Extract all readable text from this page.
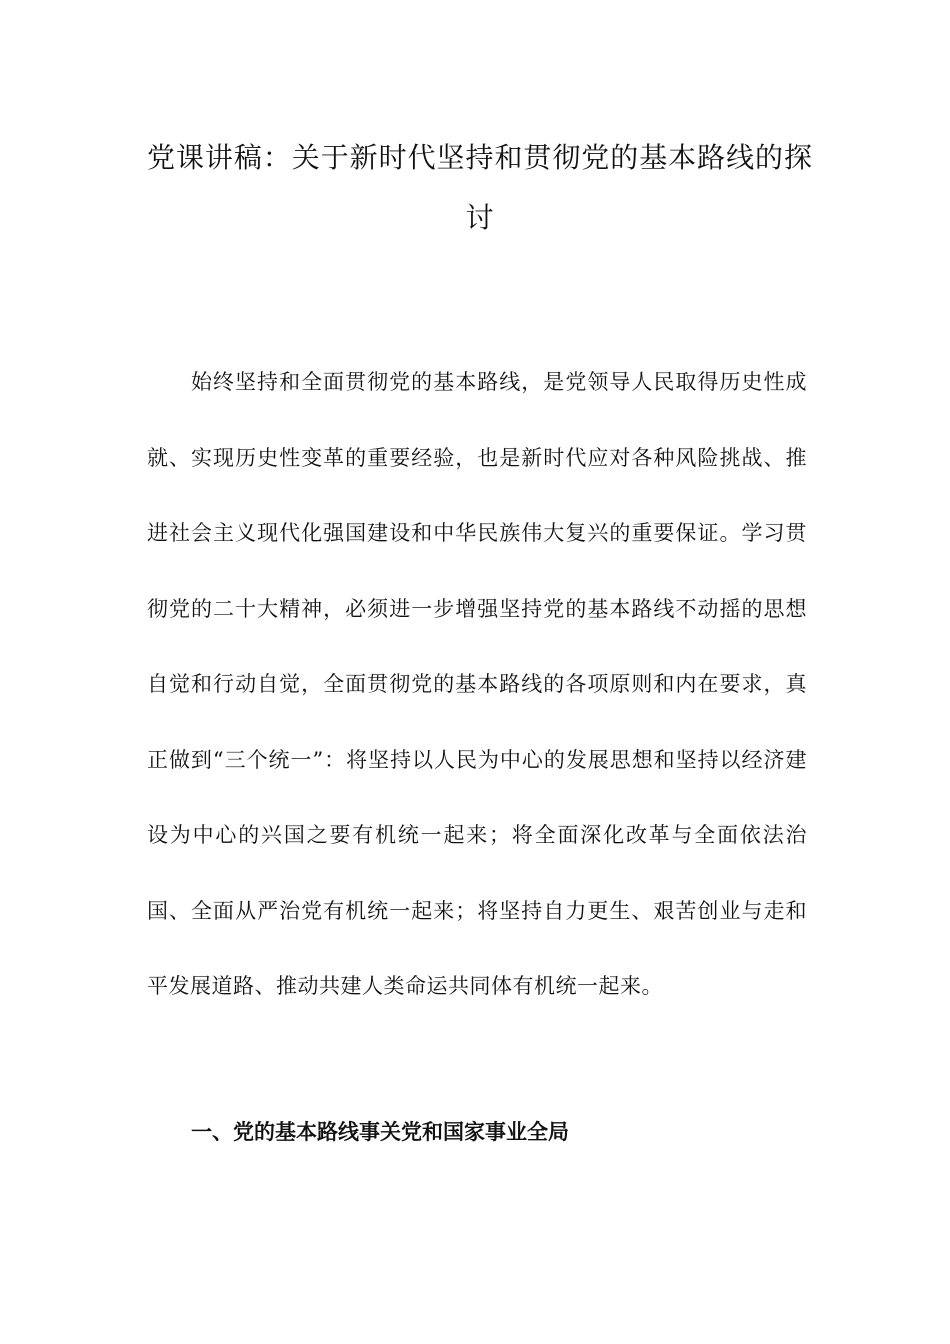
党课讲稿：关于新时代坚持和贯彻党的基本路线的探讨

始终坚持和全面贯彻党的基本路线，是党领导人民取得历史性成就、实现历史性变革的重要经验，也是新时代应对各种风险挑战、推进社会主义现代化强国建设和中华民族伟大复兴的重要保证。学习贯彻党的二十大精神，必须进一步增强坚持党的基本路线不动摇的思想自觉和行动自觉，全面贯彻党的基本路线的各项原则和内在要求，真正做到“三个统一”：将坚持以人民为中心的发展思想和坚持以经济建设为中心的兴国之要有机统一起来；将全面深化改革与全面依法治国、全面从严治党有机统一起来；将坚持自力更生、艰苦创业与走和平发展道路、推动共建人类命运共同体有机统一起来。

一、党的基本路线事关党和国家事业全局
